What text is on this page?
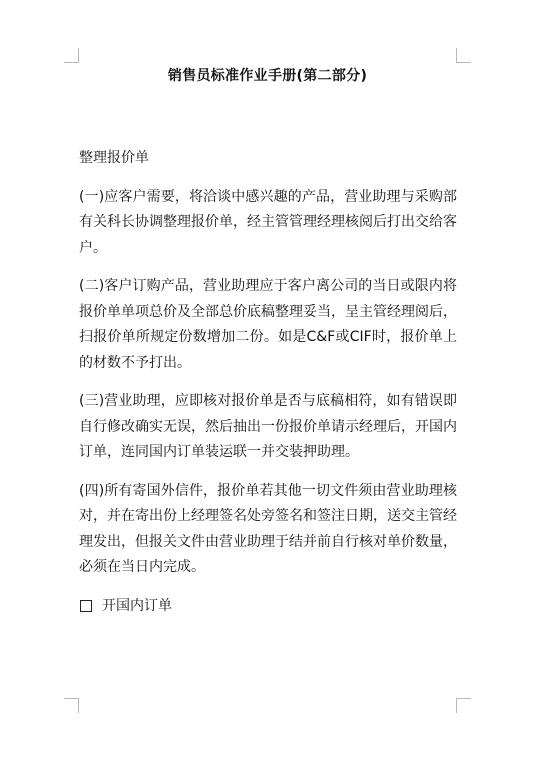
销售员标准作业手册(第二部分)

整理报价单

(一)应客户需要，将洽谈中感兴趣的产品，营业助理与采购部有关科长协调整理报价单，经主管管理经理核阅后打出交给客户。

(二)客户订购产品，营业助理应于客户离公司的当日或限内将报价单单项总价及全部总价底稿整理妥当，呈主管经理阅后，扫报价单所规定份数增加二份。如是C&F或CIF时，报价单上的材数不予打出。

(三)营业助理，应即核对报价单是否与底稿相符，如有错误即自行修改确实无误，然后抽出一份报价单请示经理后，开国内订单，连同国内订单装运联一并交装押助理。

(四)所有寄国外信件，报价单若其他一切文件须由营业助理核对，并在寄出份上经理签名处旁签名和签注日期，送交主管经理发出，但报关文件由营业助理于结并前自行核对单价数量，必须在当日内完成。

开国内订单
